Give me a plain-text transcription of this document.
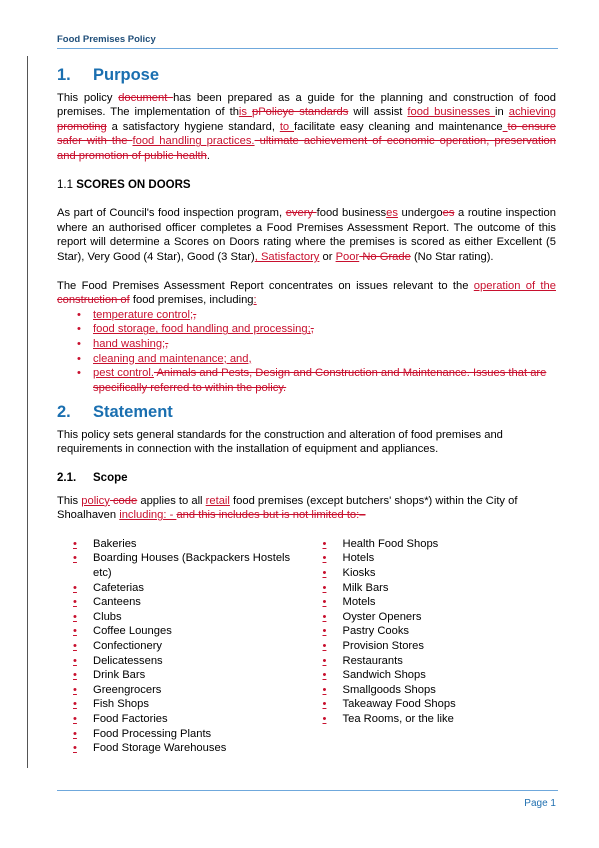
Food Premises Policy
1. Purpose

This policy document has been prepared as a guide for the planning and construction of food premises. The implementation of this pPolicye standards will assist food businesses in achieving promoting a satisfactory hygiene standard, to facilitate easy cleaning and maintenance to ensure safer with the food handling practices. ultimate achievement of economic operation, preservation and promotion of public health.

1.1 SCORES ON DOORS

As part of Council's food inspection program, every food businesses undergoes a routine inspection where an authorised officer completes a Food Premises Assessment Report. The outcome of this report will determine a Scores on Doors rating where the premises is scored as either Excellent (5 Star), Very Good (4 Star), Good (3 Star), Satisfactory or Poor No Grade (No Star rating).

The Food Premises Assessment Report concentrates on issues relevant to the operation of the construction of food premises, including:

• temperature control;,
• food storage, food handling and processing;,
• hand washing;,
• cleaning and maintenance; and,
• pest control. Animals and Pests, Design and Construction and Maintenance. Issues that are specifically referred to within the policy.
2. Statement

This policy sets general standards for the construction and alteration of food premises and requirements in connection with the installation of equipment and appliances.

2.1. Scope

This policy code applies to all retail food premises (except butchers' shops*) within the City of Shoalhaven including: - and this includes but is not limited to:–

•	Bakeries
•	Boarding Houses (Backpackers Hostels etc)
•	Cafeterias
•	Canteens
•	Clubs
•	Coffee Lounges
•	Confectionery
•	Delicatessens
•	Drink Bars
•	Greengrocers
•	Fish Shops
•	Food Factories
•	Food Processing Plants
•	Food Storage Warehouses
•	Health Food Shops
•	Hotels
•	Kiosks
•	Milk Bars
•	Motels
•	Oyster Openers
•	Pastry Cooks
•	Provision Stores
•	Restaurants
•	Sandwich Shops
•	Smallgoods Shops
•	Takeaway Food Shops
•	Tea Rooms, or the like
Page 1
